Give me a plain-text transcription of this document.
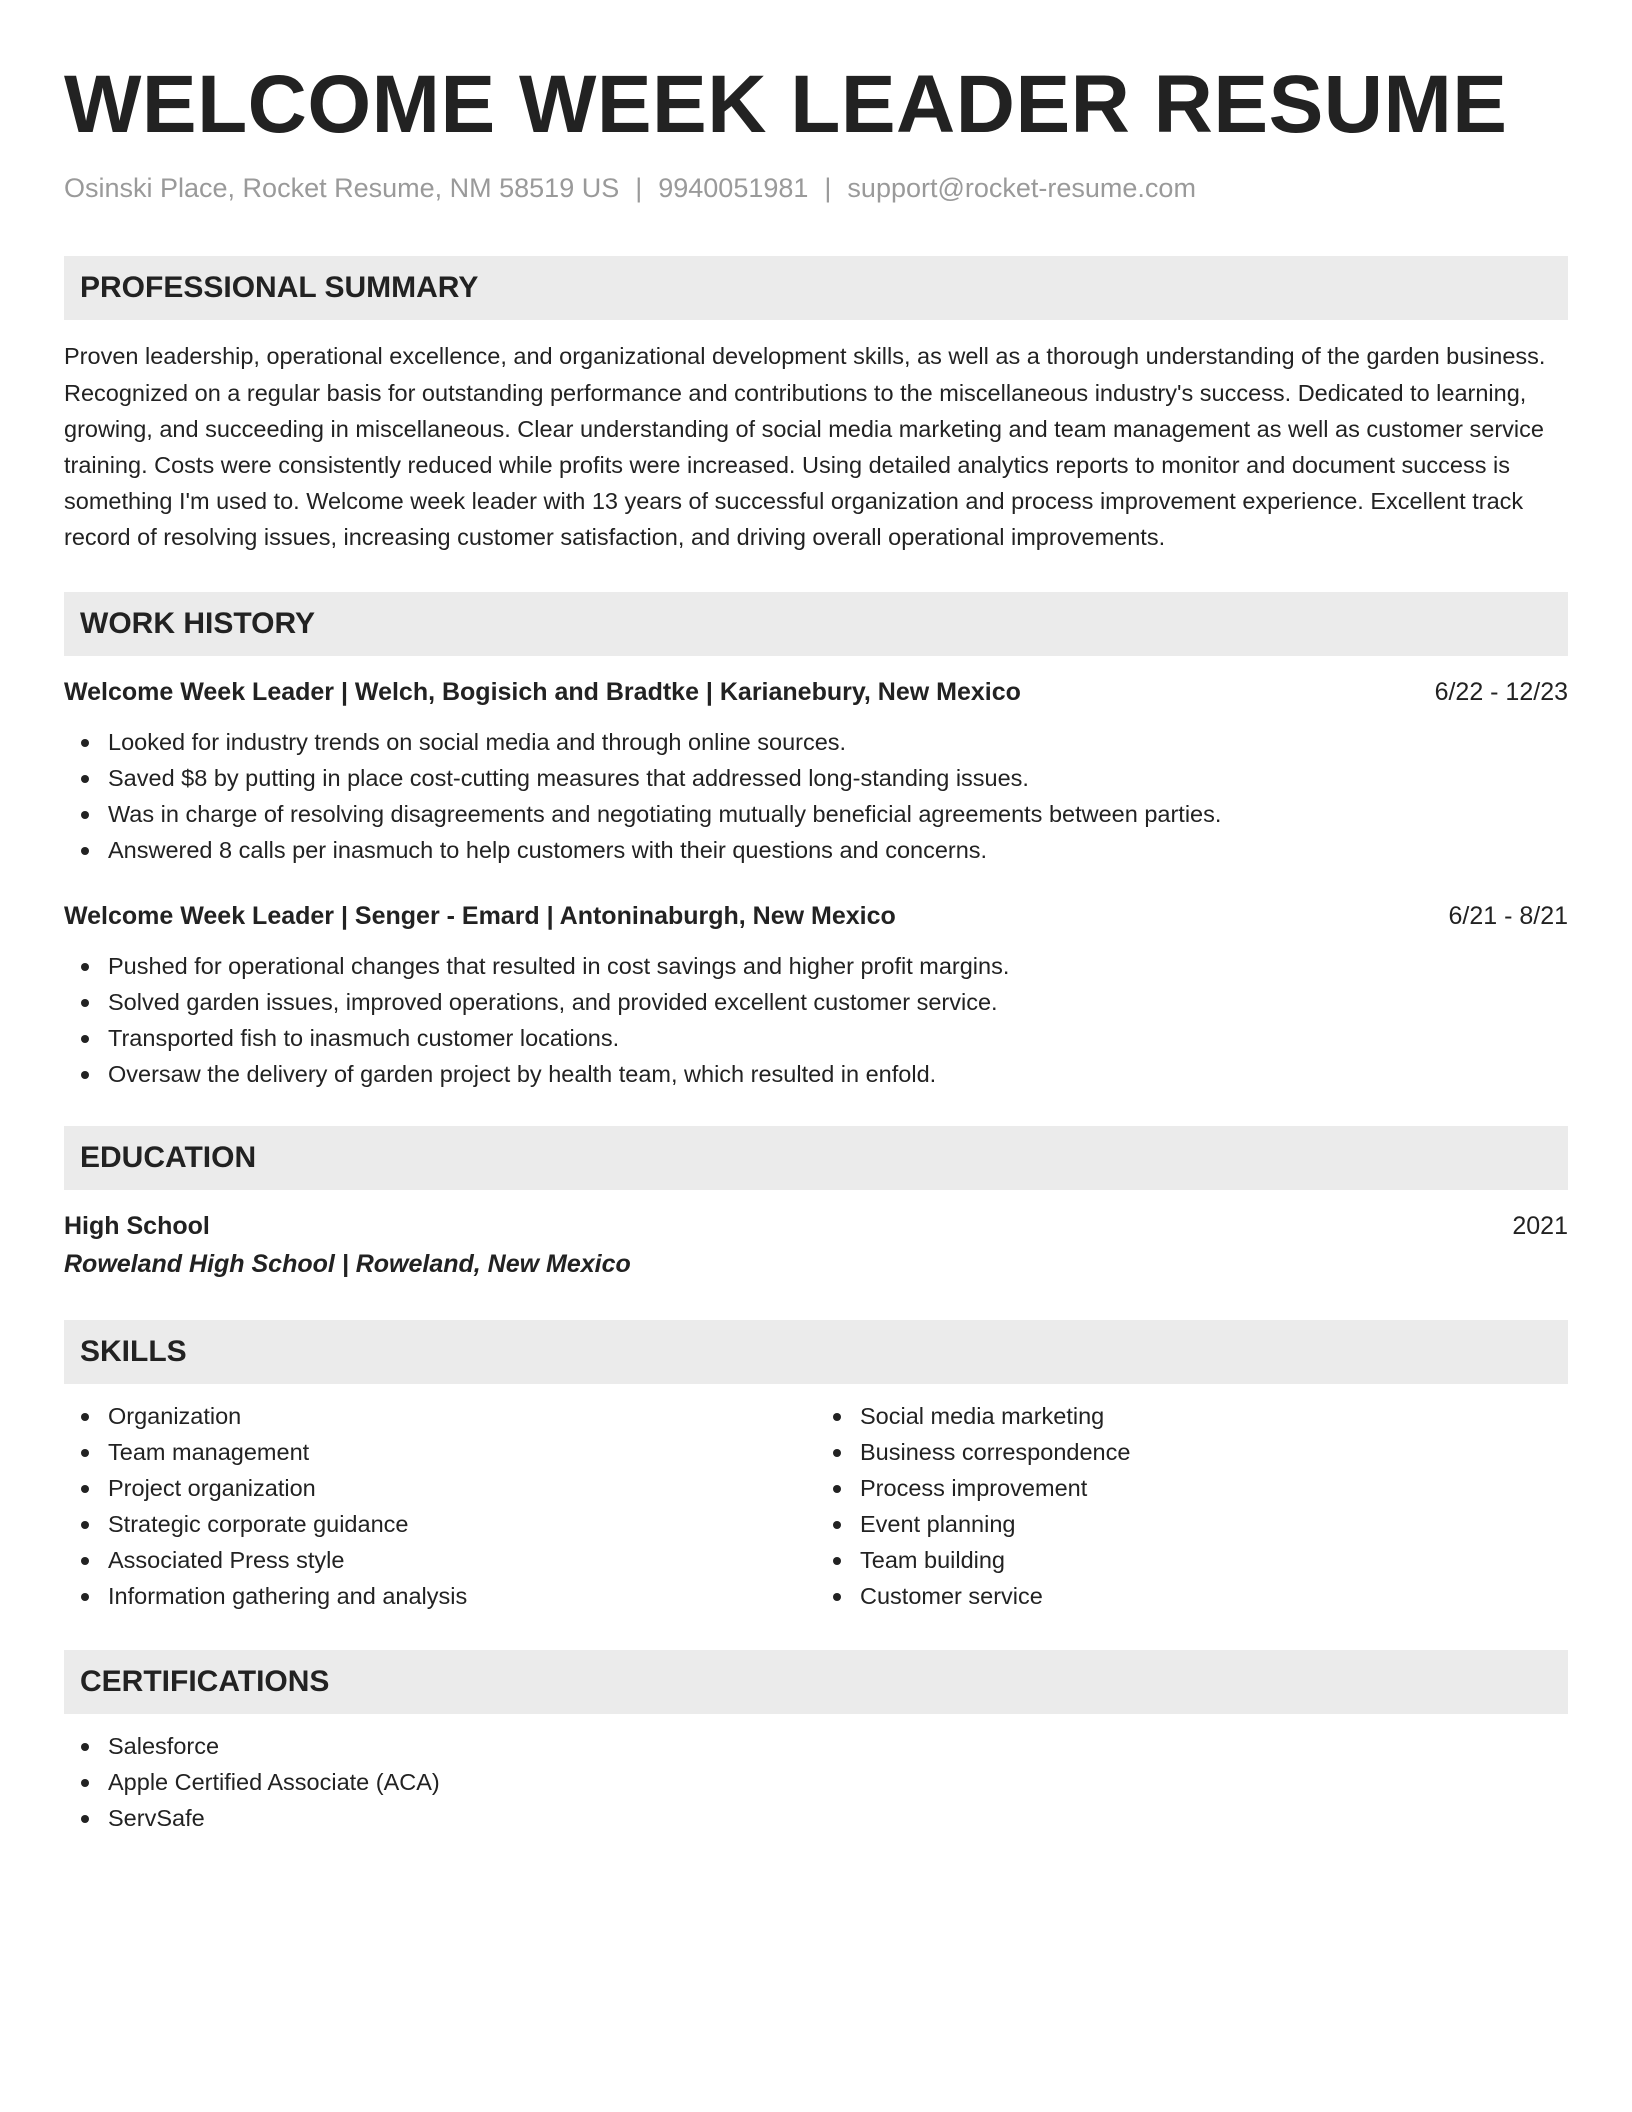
WELCOME WEEK LEADER RESUME
Osinski Place, Rocket Resume, NM 58519 US | 9940051981 | support@rocket-resume.com
PROFESSIONAL SUMMARY

Proven leadership, operational excellence, and organizational development skills, as well as a thorough understanding of the garden business. Recognized on a regular basis for outstanding performance and contributions to the miscellaneous industry's success. Dedicated to learning, growing, and succeeding in miscellaneous. Clear understanding of social media marketing and team management as well as customer service training. Costs were consistently reduced while profits were increased. Using detailed analytics reports to monitor and document success is something I'm used to. Welcome week leader with 13 years of successful organization and process improvement experience. Excellent track record of resolving issues, increasing customer satisfaction, and driving overall operational improvements.

WORK HISTORY
Welcome Week Leader | Welch, Bogisich and Bradtke | Karianebury, New Mexico	6/22 - 12/23
Looked for industry trends on social media and through online sources.
Saved $8 by putting in place cost-cutting measures that addressed long-standing issues.
Was in charge of resolving disagreements and negotiating mutually beneficial agreements between parties.
Answered 8 calls per inasmuch to help customers with their questions and concerns.
Welcome Week Leader | Senger - Emard | Antoninaburgh, New Mexico	6/21 - 8/21
Pushed for operational changes that resulted in cost savings and higher profit margins.
Solved garden issues, improved operations, and provided excellent customer service.
Transported fish to inasmuch customer locations.
Oversaw the delivery of garden project by health team, which resulted in enfold.
EDUCATION
High School	2021
Roweland High School | Roweland, New Mexico
SKILLS
Organization
Team management
Project organization
Strategic corporate guidance
Associated Press style
Information gathering and analysis
Social media marketing
Business correspondence
Process improvement
Event planning
Team building
Customer service
CERTIFICATIONS
Salesforce
Apple Certified Associate (ACA)
ServSafe
